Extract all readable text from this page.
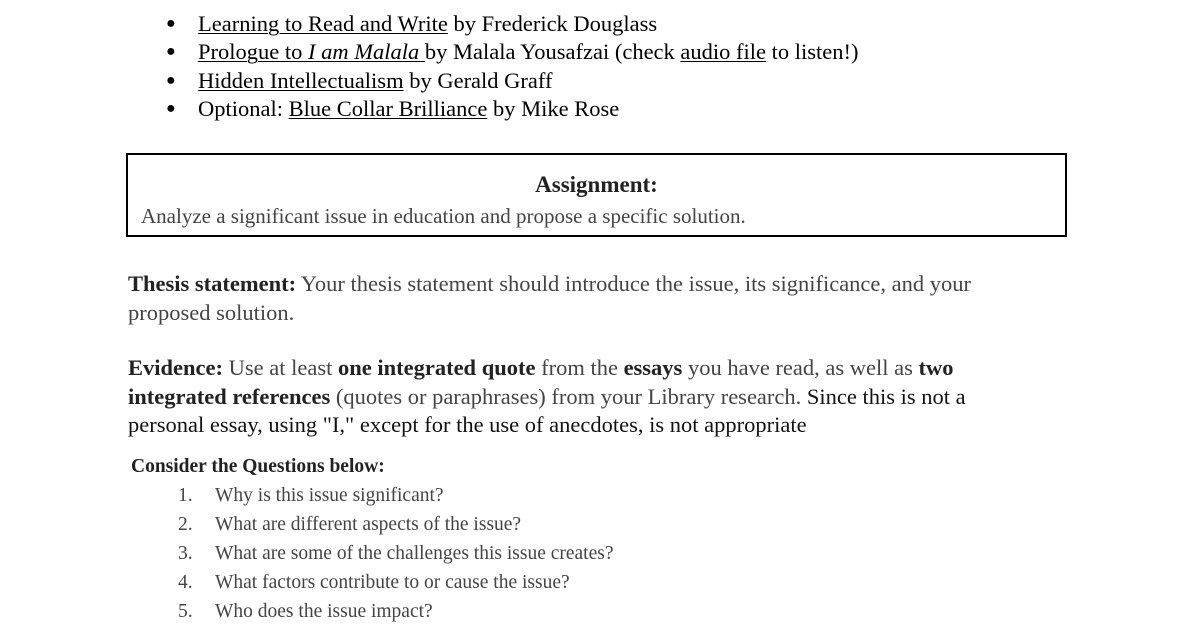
● Learning to Read and Write by Frederick Douglass
● Prologue to I am Malala by Malala Yousafzai (check audio file to listen!)
● Hidden Intellectualism by Gerald Graff
● Optional: Blue Collar Brilliance by Mike Rose
Assignment:
Analyze a significant issue in education and propose a specific solution.
Thesis statement: Your thesis statement should introduce the issue, its significance, and your proposed solution.
Evidence: Use at least one integrated quote from the essays you have read, as well as two integrated references (quotes or paraphrases) from your Library research. Since this is not a personal essay, using "I," except for the use of anecdotes, is not appropriate
Consider the Questions below:
1. Why is this issue significant?
2. What are different aspects of the issue?
3. What are some of the challenges this issue creates?
4. What factors contribute to or cause the issue?
5. Who does the issue impact?
